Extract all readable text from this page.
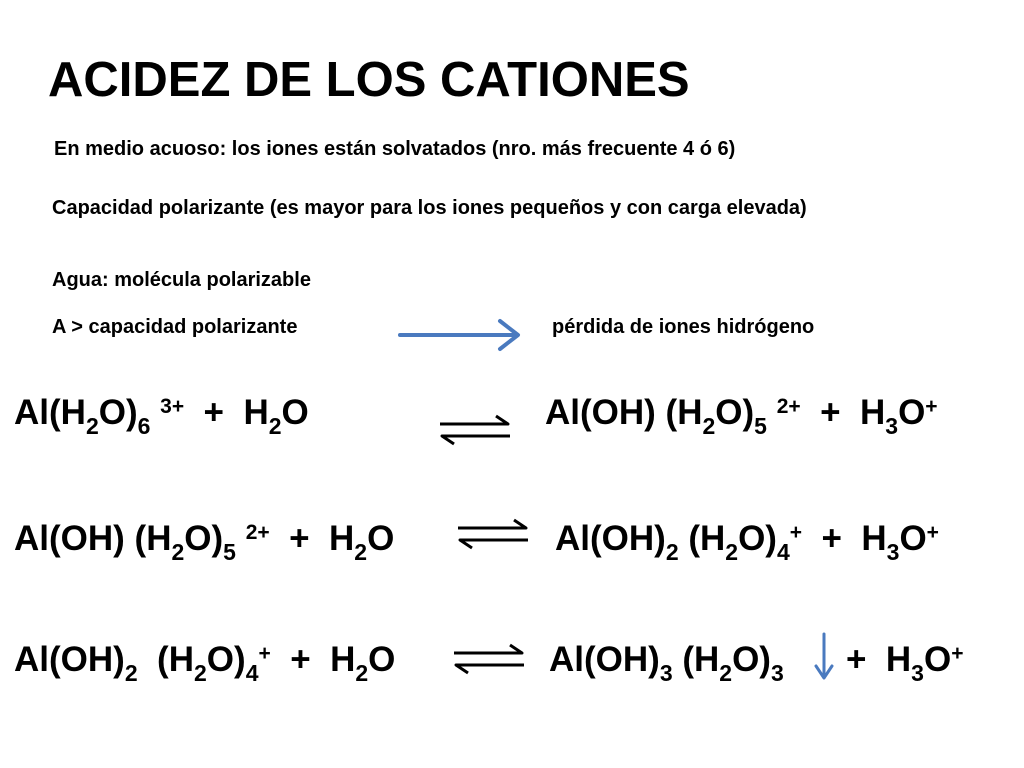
ACIDEZ DE LOS CATIONES
En medio acuoso: los iones están solvatados (nro. más frecuente 4 ó 6)
Capacidad polarizante (es mayor para los iones pequeños y con carga elevada)
Agua: molécula polarizable
A > capacidad polarizante	pérdida de iones hidrógeno
$Al(H_2O)_6$ $^{3+} + H_2O$	Al(OH) $(H_2O)_5$ $^{2+} + H_3O^+$
Al(OH) $(H_2O)_5$ $^{2+} + H_2O$	$Al(OH)_2$ $(H_2O)_4^+ + H_3O^+$
$Al(OH)_2$  $(H_2O)_4^+ + H_2O$	$Al(OH)_3$ $(H_2O)_3 + H_3O^+$
